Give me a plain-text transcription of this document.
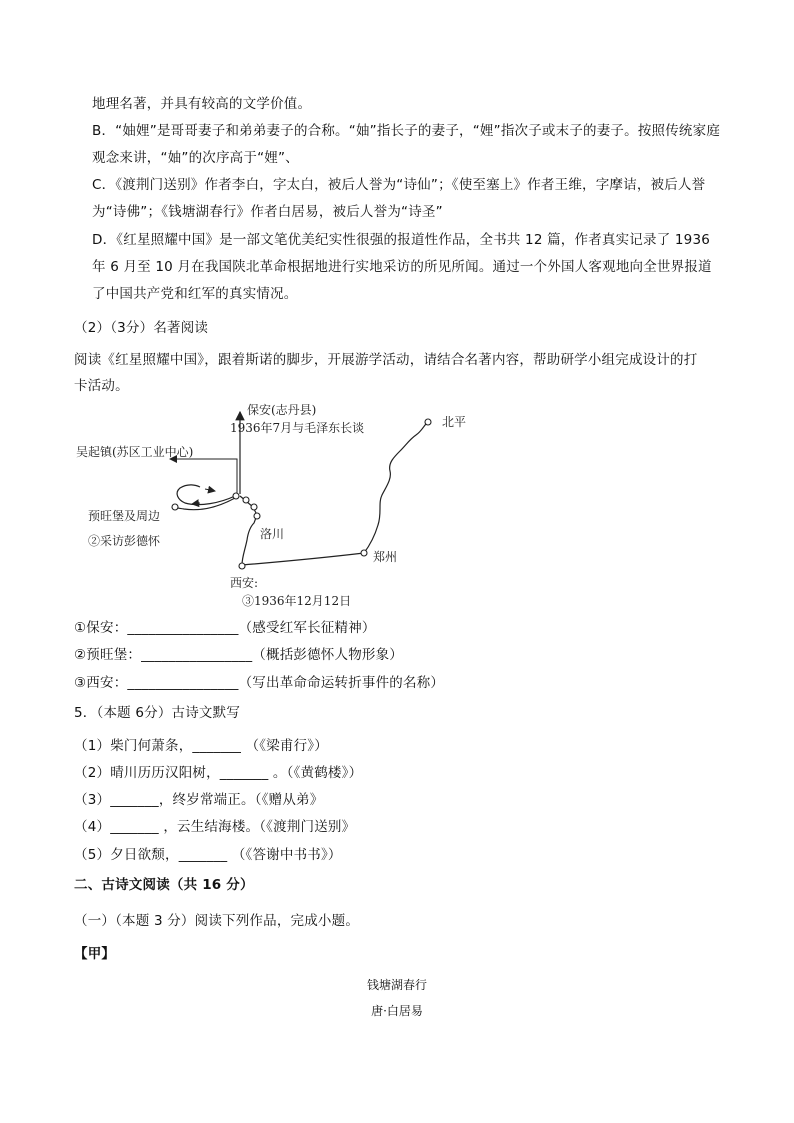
地理名著，并具有较高的文学价值。
B．“妯娌”是哥哥妻子和弟弟妻子的合称。“妯”指长子的妻子，“娌”指次子或末子的妻子。按照传统家庭
观念来讲，“妯”的次序高于“娌”、
C．《渡荆门送别》作者李白，字太白，被后人誉为“诗仙”；《使至塞上》作者王维，字摩诘，被后人誉
为“诗佛”；《钱塘湖春行》作者白居易，被后人誉为“诗圣”
D．《红星照耀中国》是一部文笔优美纪实性很强的报道性作品，全书共 12 篇，作者真实记录了 1936
年 6 月至 10 月在我国陕北革命根据地进行实地采访的所见所闻。通过一个外国人客观地向全世界报道
了中国共产党和红军的真实情况。
（2）（3分）名著阅读
阅读《红星照耀中国》，跟着斯诺的脚步，开展游学活动，请结合名著内容，帮助研学小组完成设计的打
卡活动。
保安(志丹县)
1936年7月与毛泽东长谈
吴起镇(苏区工业中心)
预旺堡及周边
②采访彭德怀	洛川
郑州
北平
西安:
③1936年12月12日
①保安：________________（感受红军长征精神）
②预旺堡：________________（概括彭德怀人物形象）
③西安：________________（写出革命命运转折事件的名称）
5．（本题 6分）古诗文默写
（1）柴门何萧条，_______ （《梁甫行》）
（2）晴川历历汉阳树，_______ 。（《黄鹤楼》）
（3）_______，终岁常端正。（《赠从弟》
（4）_______ ，云生结海楼。（《渡荆门送别》
（5）夕日欲颓，_______ （《答谢中书书》）
二、古诗文阅读（共 16 分）
（一）（本题 3 分）阅读下列作品，完成小题。
【甲】
钱塘湖春行
唐·白居易
